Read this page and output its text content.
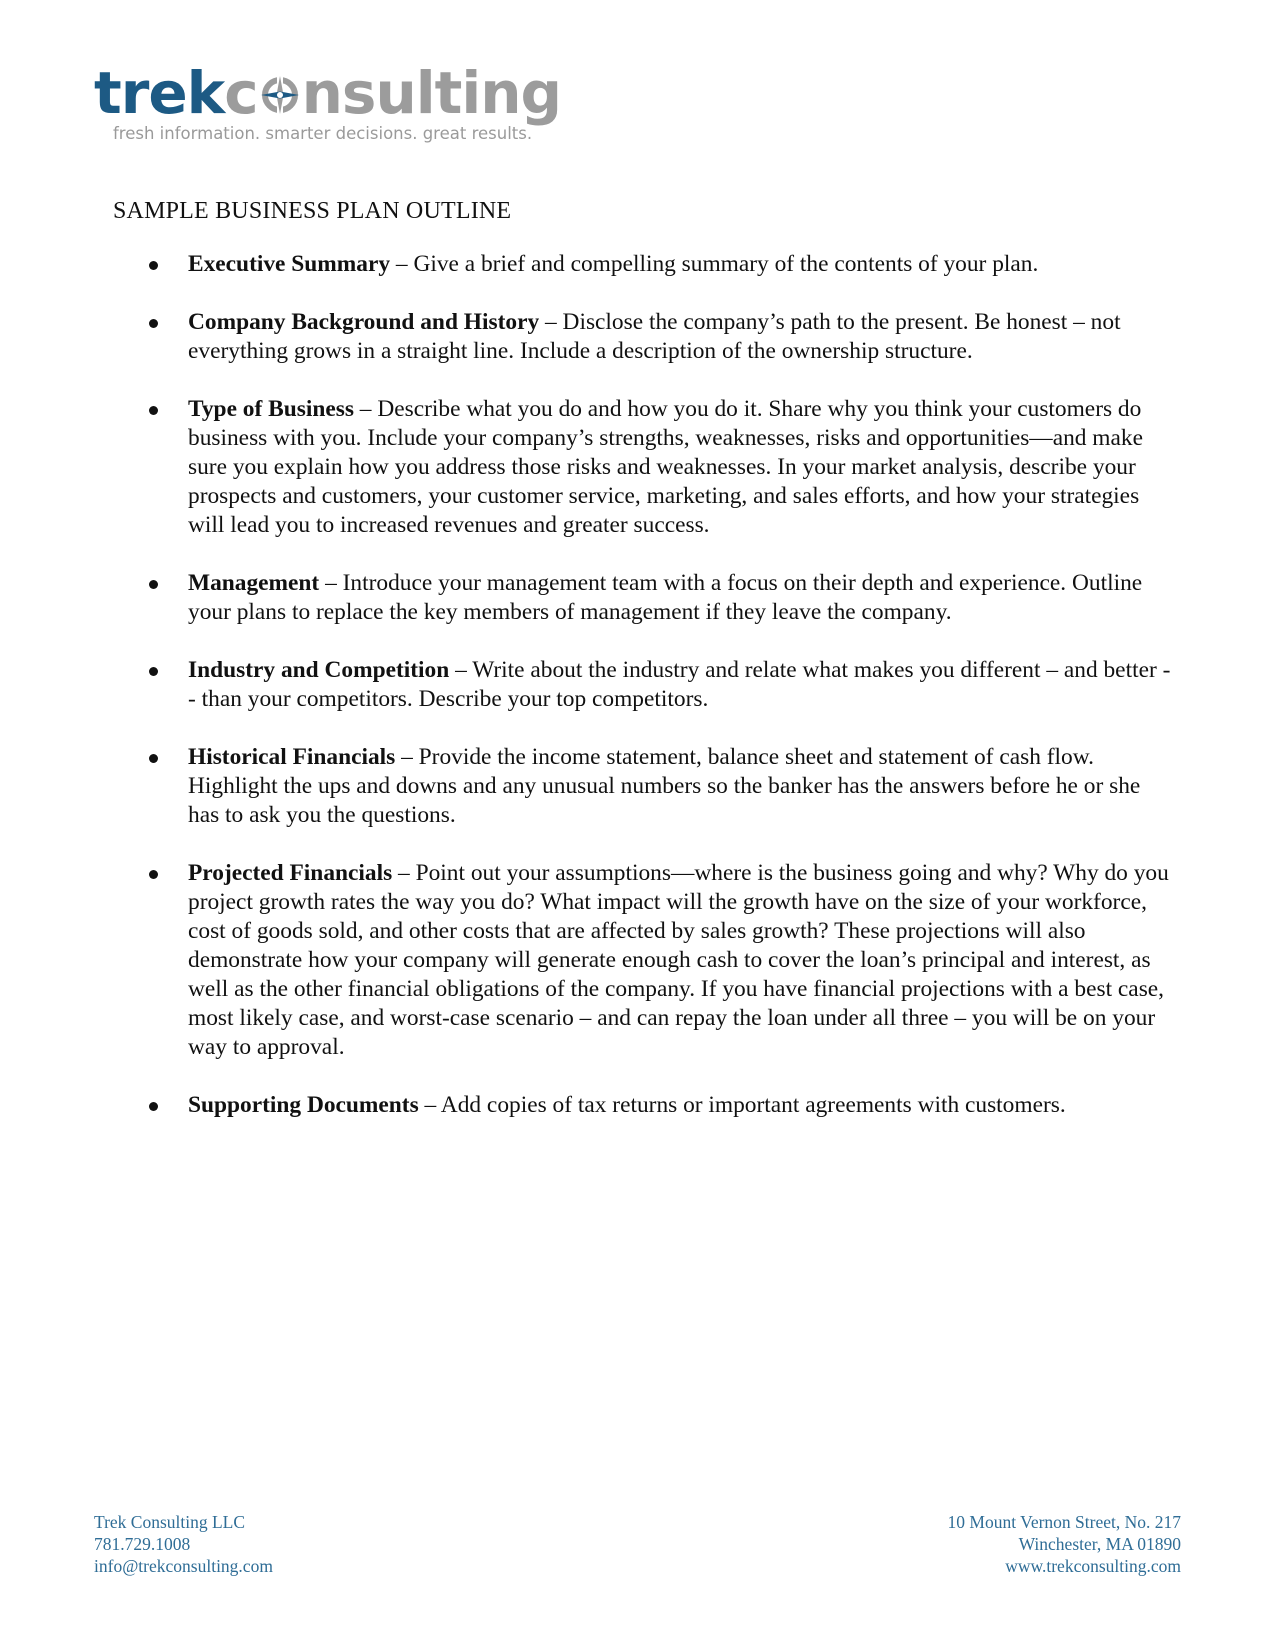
trekc nsulting
fresh information. smarter decisions. great results.
SAMPLE BUSINESS PLAN OUTLINE
Executive Summary – Give a brief and compelling summary of the contents of your plan.
Company Background and History – Disclose the company’s path to the present. Be honest – not everything grows in a straight line. Include a description of the ownership structure.
Type of Business – Describe what you do and how you do it. Share why you think your customers do business with you. Include your company’s strengths, weaknesses, risks and opportunities—and make sure you explain how you address those risks and weaknesses. In your market analysis, describe your prospects and customers, your customer service, marketing, and sales efforts, and how your strategies will lead you to increased revenues and greater success.
Management – Introduce your management team with a focus on their depth and experience. Outline your plans to replace the key members of management if they leave the company.
Industry and Competition – Write about the industry and relate what makes you different – and better -- than your competitors. Describe your top competitors.
Historical Financials – Provide the income statement, balance sheet and statement of cash flow. Highlight the ups and downs and any unusual numbers so the banker has the answers before he or she has to ask you the questions.
Projected Financials – Point out your assumptions—where is the business going and why? Why do you project growth rates the way you do? What impact will the growth have on the size of your workforce, cost of goods sold, and other costs that are affected by sales growth? These projections will also demonstrate how your company will generate enough cash to cover the loan’s principal and interest, as well as the other financial obligations of the company. If you have financial projections with a best case, most likely case, and worst-case scenario – and can repay the loan under all three – you will be on your way to approval.
Supporting Documents – Add copies of tax returns or important agreements with customers.
Trek Consulting LLC
781.729.1008
info@trekconsulting.com
10 Mount Vernon Street, No. 217
Winchester, MA 01890
www.trekconsulting.com
